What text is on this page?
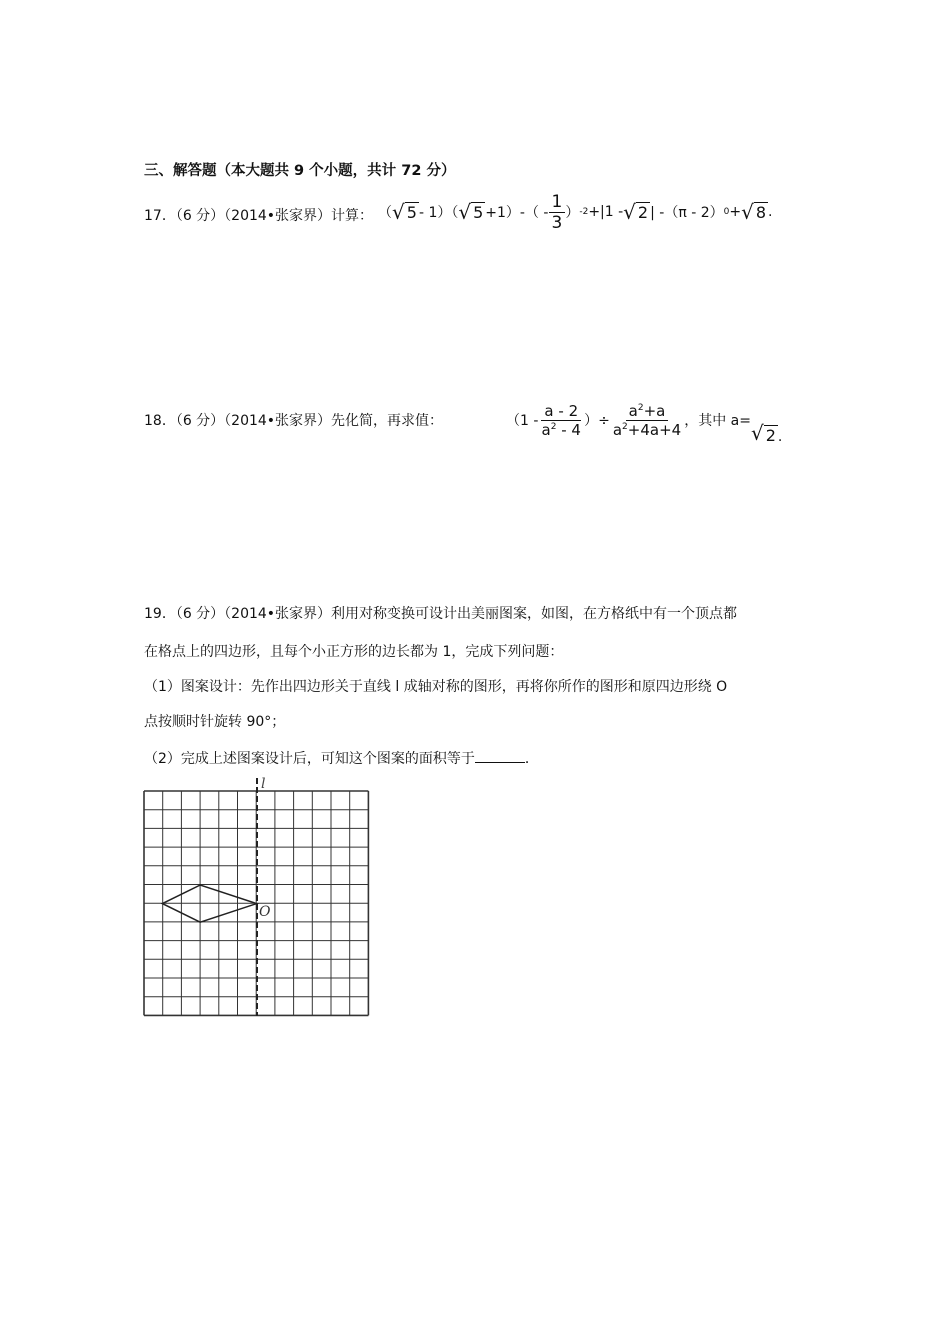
三、解答题（本大题共 9 个小题，共计 72 分）
17．（6 分）（2014•张家界）计算： （ √ 5 - 1）（ √ $5 +1)-( - \frac{1}{3}$ ） -2 +|1 - √ 2 | -（π - 2） 0 + √ 8 .
18．（6 分）（2014•张家界）先化简，再求值：	（$1 - \frac{a - 2}{a^2 - 4}$ ）÷ $\frac{a^2+a}{a^2+4a+4}$ ，其中 a= √ 2 .
19．（6 分）（2014•张家界）利用对称变换可设计出美丽图案，如图，在方格纸中有一个顶点都
在格点上的四边形，且每个小正方形的边长都为 1，完成下列问题：
（1）图案设计：先作出四边形关于直线 l 成轴对称的图形，再将你所作的图形和原四边形绕 O
点按顺时针旋转 90°；
（2）完成上述图案设计后，可知这个图案的面积等于	．
l
O
